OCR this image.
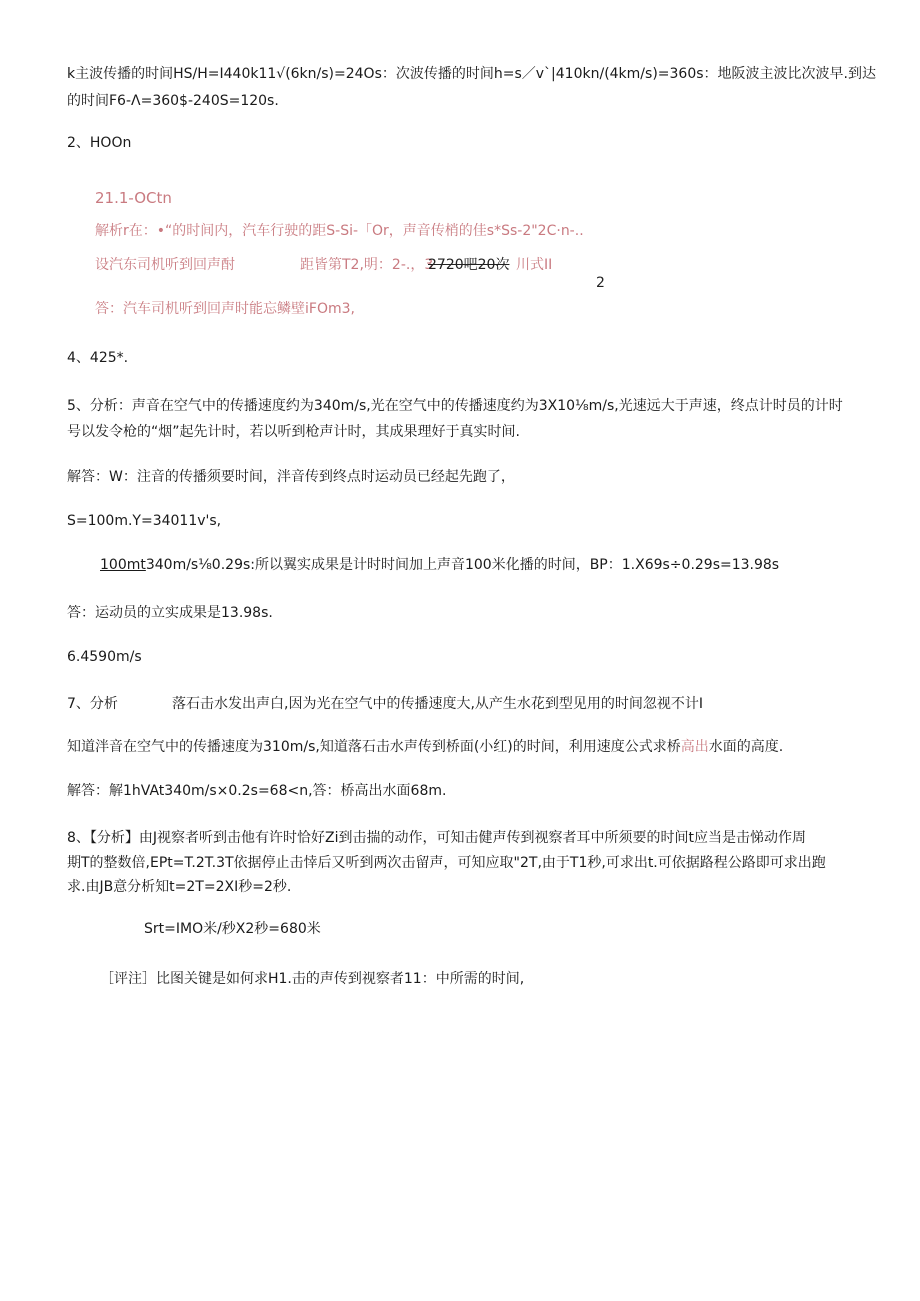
k主波传播的时间HS/H=I440k11√(6kn/s)=24Os：次波传播的时间h=s／v`|410kn/(4km/s)=360s：地阪波主波比次波早.到达
的时间F6-Λ=360$-240S=120s.
2、HOOn
21.1-OCtn
解析r在：•“的时间内，汽车行驶的距S-Si-「Or，声音传梢的佳s*Ss-2"2C·n-..
设汽东司机听到回声酎	距皆第T2,明：2-.，3
2720吧20次 川式II
2
答：汽车司机听到回声时能忘鳞壁iFOm3,
4、425*.
5、分析：声音在空气中的传播速度约为340m/s,光在空气中的传播速度约为3X10⅛m/s,光速远大于声速，终点计时员的计时
号以发令枪的“烟”起先计时，若以听到枪声计时，其成果理好于真实时间.
解答：W：注音的传播须要时间，泮音传到终点时运动员已经起先跑了，
S=100m.Y=34011v's,
100mt340m/s⅛0.29s:所以翼实成果是计时时间加上声音100米化播的时间，BP：1.X69s÷0.29s=13.98s
答：运动员的立实成果是13.98s.
6.4590m/s
7、分析	落石击水发出声白,因为光在空气中的传播速度大,从产生水花到型见用的时间忽视不计I
知道泮音在空气中的传播速度为310m/s,知道落石击水声传到桥面(小红)的时间，利用速度公式求桥高出水面的高度.
解答：解1hVAt340m/s×0.2s=68<n,答：桥高出水面68m.
8、【分析】由J视察者听到击他有许时恰好Zi到击揣的动作，可知击健声传到视察者耳中所须要的时间t应当是击悌动作周
期T的整数倍,EPt=T.2T.3T依据停止击悻后又听到两次击留声，可知应取"2T,由于T1秒,可求出t.可依据路程公路即可求出跑
求.由JB意分析知t=2T=2XI秒=2秒.
Srt=IMO米/秒X2秒=680米
［评注］比图关键是如何求H1.击的声传到视察者11：中所需的时间,
